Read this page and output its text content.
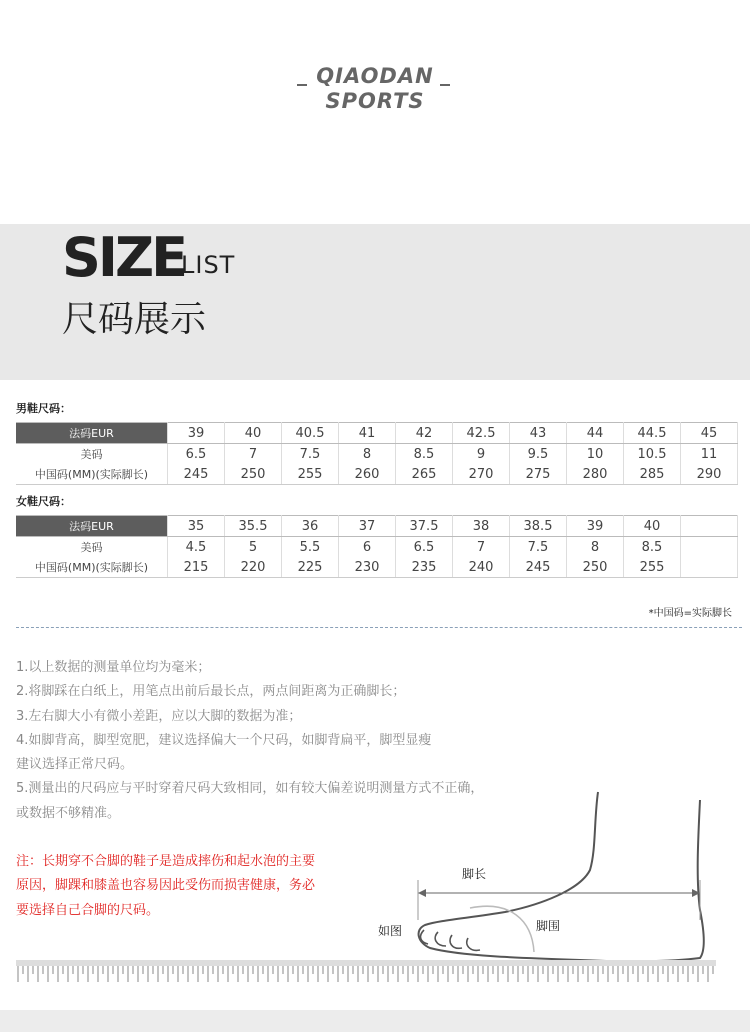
QIAODAN
SPORTS
SIZE
LIST
尺码展示
男鞋尺码：
法码EUR	39	40	40.5	41	42	42.5	43	44	44.5	45
美码	6.5	7	7.5	8	8.5	9	9.5	10	10.5	11
中国码(MM)(实际脚长)	245	250	255	260	265	270	275	280	285	290
女鞋尺码：
法码EUR	35	35.5	36	37	37.5	38	38.5	39	40	
美码	4.5	5	5.5	6	6.5	7	7.5	8	8.5	
中国码(MM)(实际脚长)	215	220	225	230	235	240	245	250	255	
*中国码=实际脚长
1.以上数据的测量单位均为毫米；
2.将脚踩在白纸上，用笔点出前后最长点，两点间距离为正确脚长；
3.左右脚大小有微小差距，应以大脚的数据为准；
4.如脚背高，脚型宽肥，建议选择偏大一个尺码，如脚背扁平，脚型显瘦
建议选择正常尺码。
5.测量出的尺码应与平时穿着尺码大致相同，如有较大偏差说明测量方式不正确，
或数据不够精准。
注：长期穿不合脚的鞋子是造成摔伤和起水泡的主要
原因，脚踝和膝盖也容易因此受伤而损害健康，务必
要选择自己合脚的尺码。
脚长
脚围
如图
